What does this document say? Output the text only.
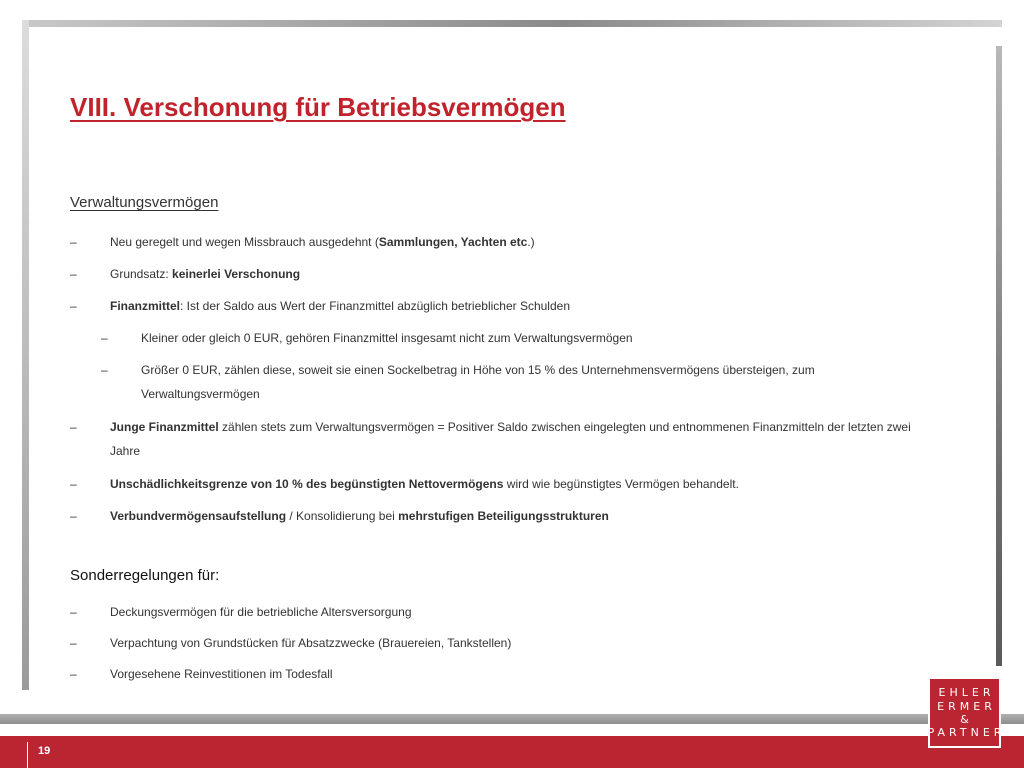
VIII. Verschonung für Betriebsvermögen
Verwaltungsvermögen
–	Neu geregelt und wegen Missbrauch ausgedehnt (Sammlungen, Yachten etc.)
–	Grundsatz: keinerlei Verschonung
–	Finanzmittel: Ist der Saldo aus Wert der Finanzmittel abzüglich betrieblicher Schulden
–	Kleiner oder gleich 0 EUR, gehören Finanzmittel insgesamt nicht zum Verwaltungsvermögen
–	Größer 0 EUR, zählen diese, soweit sie einen Sockelbetrag in Höhe von 15 % des Unternehmensvermögens übersteigen, zum
Verwaltungsvermögen
–	Junge Finanzmittel zählen stets zum Verwaltungsvermögen = Positiver Saldo zwischen eingelegten und entnommenen Finanzmitteln der letzten zwei
Jahre
–	Unschädlichkeitsgrenze von 10 % des begünstigten Nettovermögens wird wie begünstigtes Vermögen behandelt.
–	Verbundvermögensaufstellung / Konsolidierung bei mehrstufigen Beteiligungsstrukturen
Sonderregelungen für:
–	Deckungsvermögen für die betriebliche Altersversorgung
–	Verpachtung von Grundstücken für Absatzzwecke (Brauereien, Tankstellen)
–	Vorgesehene Reinvestitionen im Todesfall
19
EHLER
ERMER
&
PARTNER
